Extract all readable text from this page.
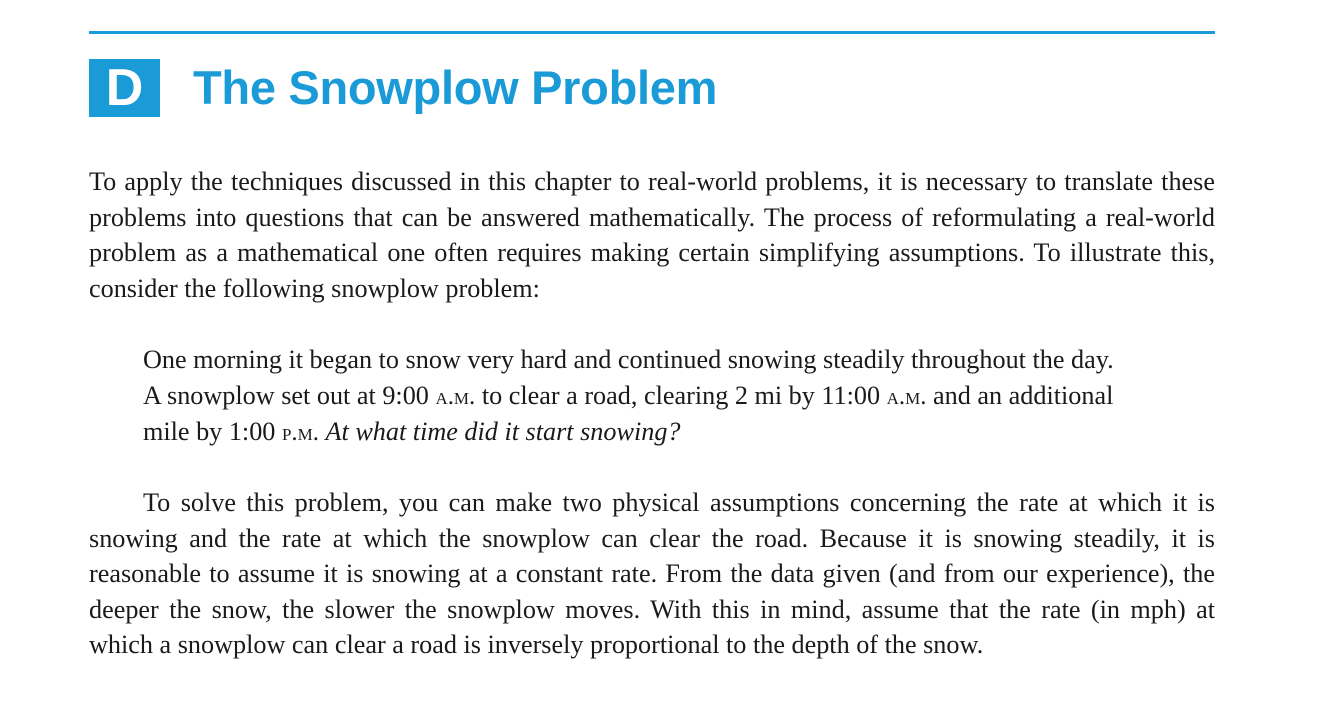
D	The Snowplow Problem

To apply the techniques discussed in this chapter to real-world problems, it is necessary to translate these problems into questions that can be answered mathematically. The process of reformulating a real-world problem as a mathematical one often requires making certain simplifying assumptions. To illustrate this, consider the following snowplow problem:

One morning it began to snow very hard and continued snowing steadily throughout the day. A snowplow set out at 9:00 a.m. to clear a road, clearing 2 mi by 11:00 a.m. and an additional mile by 1:00 p.m. At what time did it start snowing?

To solve this problem, you can make two physical assumptions concerning the rate at which it is snowing and the rate at which the snowplow can clear the road. Because it is snowing steadily, it is reasonable to assume it is snowing at a constant rate. From the data given (and from our experience), the deeper the snow, the slower the snowplow moves. With this in mind, assume that the rate (in mph) at which a snowplow can clear a road is inversely proportional to the depth of the snow.
